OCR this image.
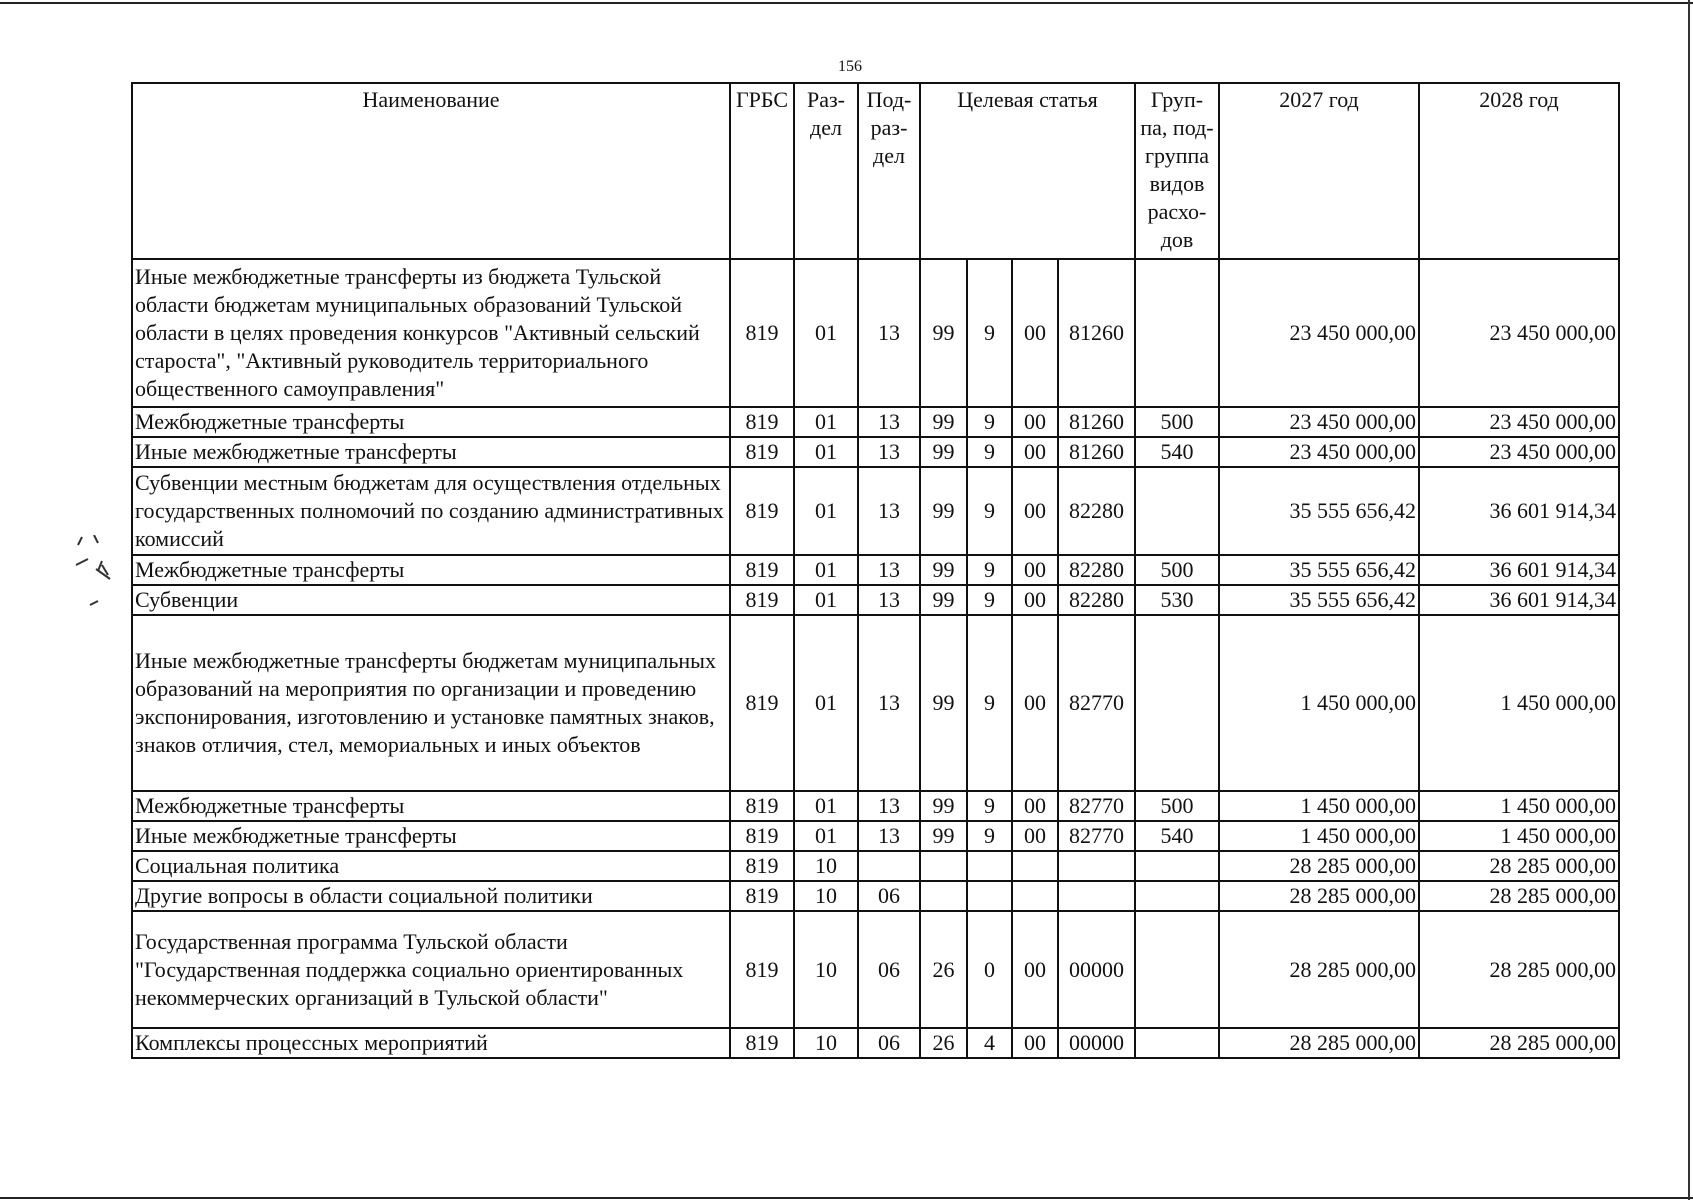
156
Наименование	ГРБС	Раз-дел	Под-раз-дел	Целевая статья				Груп-па, под-группа видов расхо-дов	2027 год	2028 год
Иные межбюджетные трансферты из бюджета Тульской области бюджетам муниципальных образований Тульской области в целях проведения конкурсов "Активный сельский староста", "Активный руководитель территориального общественного самоуправления"	819	01	13	99	9	00	81260		23 450 000,00	23 450 000,00
Межбюджетные трансферты	819	01	13	99	9	00	81260	500	23 450 000,00	23 450 000,00
Иные межбюджетные трансферты	819	01	13	99	9	00	81260	540	23 450 000,00	23 450 000,00
Субвенции местным бюджетам для осуществления отдельных государственных полномочий по созданию административных комиссий	819	01	13	99	9	00	82280		35 555 656,42	36 601 914,34
Межбюджетные трансферты	819	01	13	99	9	00	82280	500	35 555 656,42	36 601 914,34
Субвенции	819	01	13	99	9	00	82280	530	35 555 656,42	36 601 914,34
Иные межбюджетные трансферты бюджетам муниципальных образований на мероприятия по организации и проведению экспонирования, изготовлению и установке памятных знаков, знаков отличия, стел, мемориальных и иных объектов	819	01	13	99	9	00	82770		1 450 000,00	1 450 000,00
Межбюджетные трансферты	819	01	13	99	9	00	82770	500	1 450 000,00	1 450 000,00
Иные межбюджетные трансферты	819	01	13	99	9	00	82770	540	1 450 000,00	1 450 000,00
Социальная политика	819	10							28 285 000,00	28 285 000,00
Другие вопросы в области социальной политики	819	10	06						28 285 000,00	28 285 000,00
Государственная программа Тульской области "Государственная поддержка социально ориентированных некоммерческих организаций в Тульской области"	819	10	06	26	0	00	00000		28 285 000,00	28 285 000,00
Комплексы процессных мероприятий	819	10	06	26	4	00	00000		28 285 000,00	28 285 000,00
